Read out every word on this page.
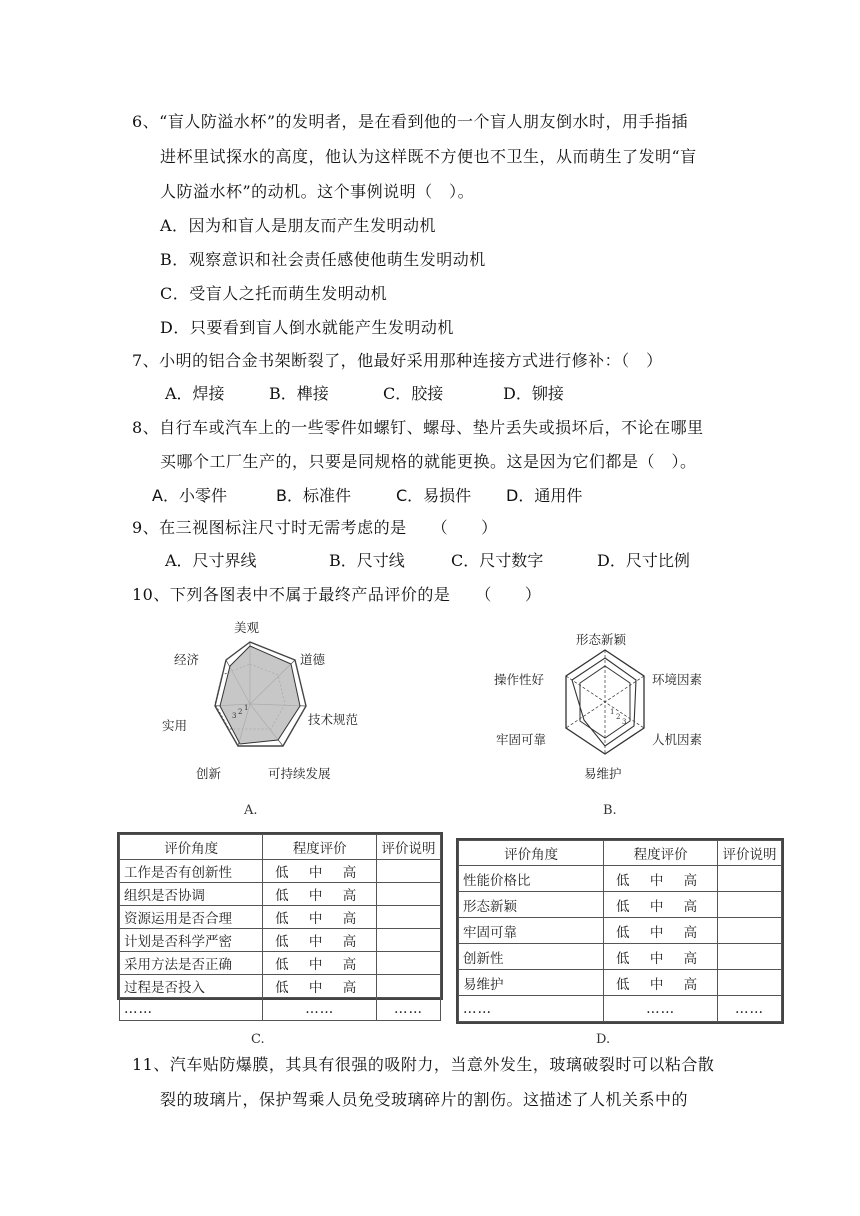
6、“盲人防溢水杯”的发明者，是在看到他的一个盲人朋友倒水时，用手指插
进杯里试探水的高度，他认为这样既不方便也不卫生，从而萌生了发明“盲
人防溢水杯”的动机。这个事例说明（　）。
A．因为和盲人是朋友而产生发明动机
B．观察意识和社会责任感使他萌生发明动机
C．受盲人之托而萌生发明动机
D．只要看到盲人倒水就能产生发明动机
7、小明的铝合金书架断裂了，他最好采用那种连接方式进行修补：（　）
A．焊接	B．榫接	C．胶接	D．铆接
8、自行车或汽车上的一些零件如螺钉、螺母、垫片丢失或损坏后，不论在哪里
买哪个工厂生产的，只要是同规格的就能更换。这是因为它们都是（　）。
A．小零件	B．标准件	C．易损件 D．通用件
9、在三视图标注尺寸时无需考虑的是　　（　　）
A．尺寸界线	B．尺寸线	C．尺寸数字	D．尺寸比例
10、下列各图表中不属于最终产品评价的是　　（　　）
1
2
3
美观
道德
技术规范
可持续发展
创新
实用
经济
A.
1
2
3
形态新颖
环境因素
人机因素
易维护
牢固可靠
操作性好
B.
评价角度	程度评价	评价说明
工作是否有创新性	低 中 高	
组织是否协调	低 中 高	
资源运用是否合理	低 中 高	
计划是否科学严密	低 中 高	
采用方法是否正确	低 中 高	
过程是否投入	低 中 高	
……	……	……
C.
评价角度	程度评价	评价说明
性能价格比	低 中 高	
形态新颖	低 中 高	
牢固可靠	低 中 高	
创新性	低 中 高	
易维护	低 中 高	
……	……	……
D.
11、汽车贴防爆膜，其具有很强的吸附力，当意外发生，玻璃破裂时可以粘合散
裂的玻璃片，保护驾乘人员免受玻璃碎片的割伤。这描述了人机关系中的
